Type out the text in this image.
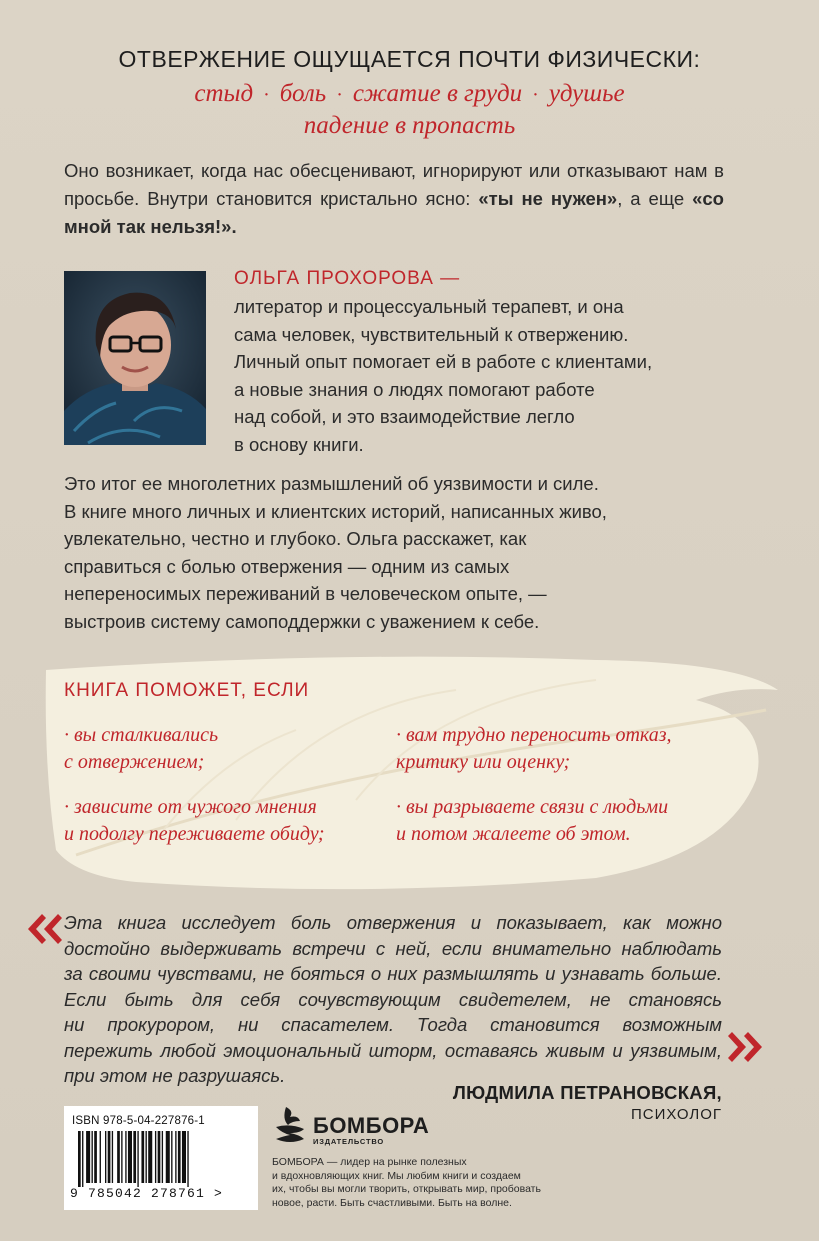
ОТВЕРЖЕНИЕ ОЩУЩАЕТСЯ ПОЧТИ ФИЗИЧЕСКИ:
стыд · боль · сжатие в груди · удушье
падение в пропасть
Оно возникает, когда нас обесценивают, игнорируют или отказывают нам в просьбе. Внутри становится кристально ясно: «ты не нужен», а еще «со мной так нельзя!».
ОЛЬГА ПРОХОРОВА —
литератор и процессуальный терапевт, и она
сама человек, чувствительный к отвержению.
Личный опыт помогает ей в работе с клиентами,
а новые знания о людях помогают работе
над собой, и это взаимодействие легло
в основу книги.
Это итог ее многолетних размышлений об уязвимости и силе.
В книге много личных и клиентских историй, написанных живо,
увлекательно, честно и глубоко. Ольга расскажет, как
справиться с болью отвержения — одним из самых
непереносимых переживаний в человеческом опыте, —
выстроив систему самоподдержки с уважением к себе.
КНИГА ПОМОЖЕТ, ЕСЛИ
· вы сталкивались
с отвержением;
· вам трудно переносить отказ,
критику или оценку;
· зависите от чужого мнения
и подолгу переживаете обиду;
· вы разрываете связи с людьми
и потом жалеете об этом.
Эта книга исследует боль отвержения и показывает, как можно
достойно выдерживать встречи с ней, если внимательно наблюдать
за своими чувствами, не бояться о них размышлять и узнавать больше.
Если быть для себя сочувствующим свидетелем, не становясь
ни прокурором, ни спасателем. Тогда становится возможным
пережить любой эмоциональный шторм, оставаясь живым и уязвимым,
при этом не разрушаясь.
ЛЮДМИЛА ПЕТРАНОВСКАЯ,
ПСИХОЛОГ
ISBN 978-5-04-227876-1
9 785042 278761 >
БОМБОРА
ИЗДАТЕЛЬСТВО
БОМБОРА — лидер на рынке полезных
и вдохновляющих книг. Мы любим книги и создаем
их, чтобы вы могли творить, открывать мир, пробовать
новое, расти. Быть счастливыми. Быть на волне.
